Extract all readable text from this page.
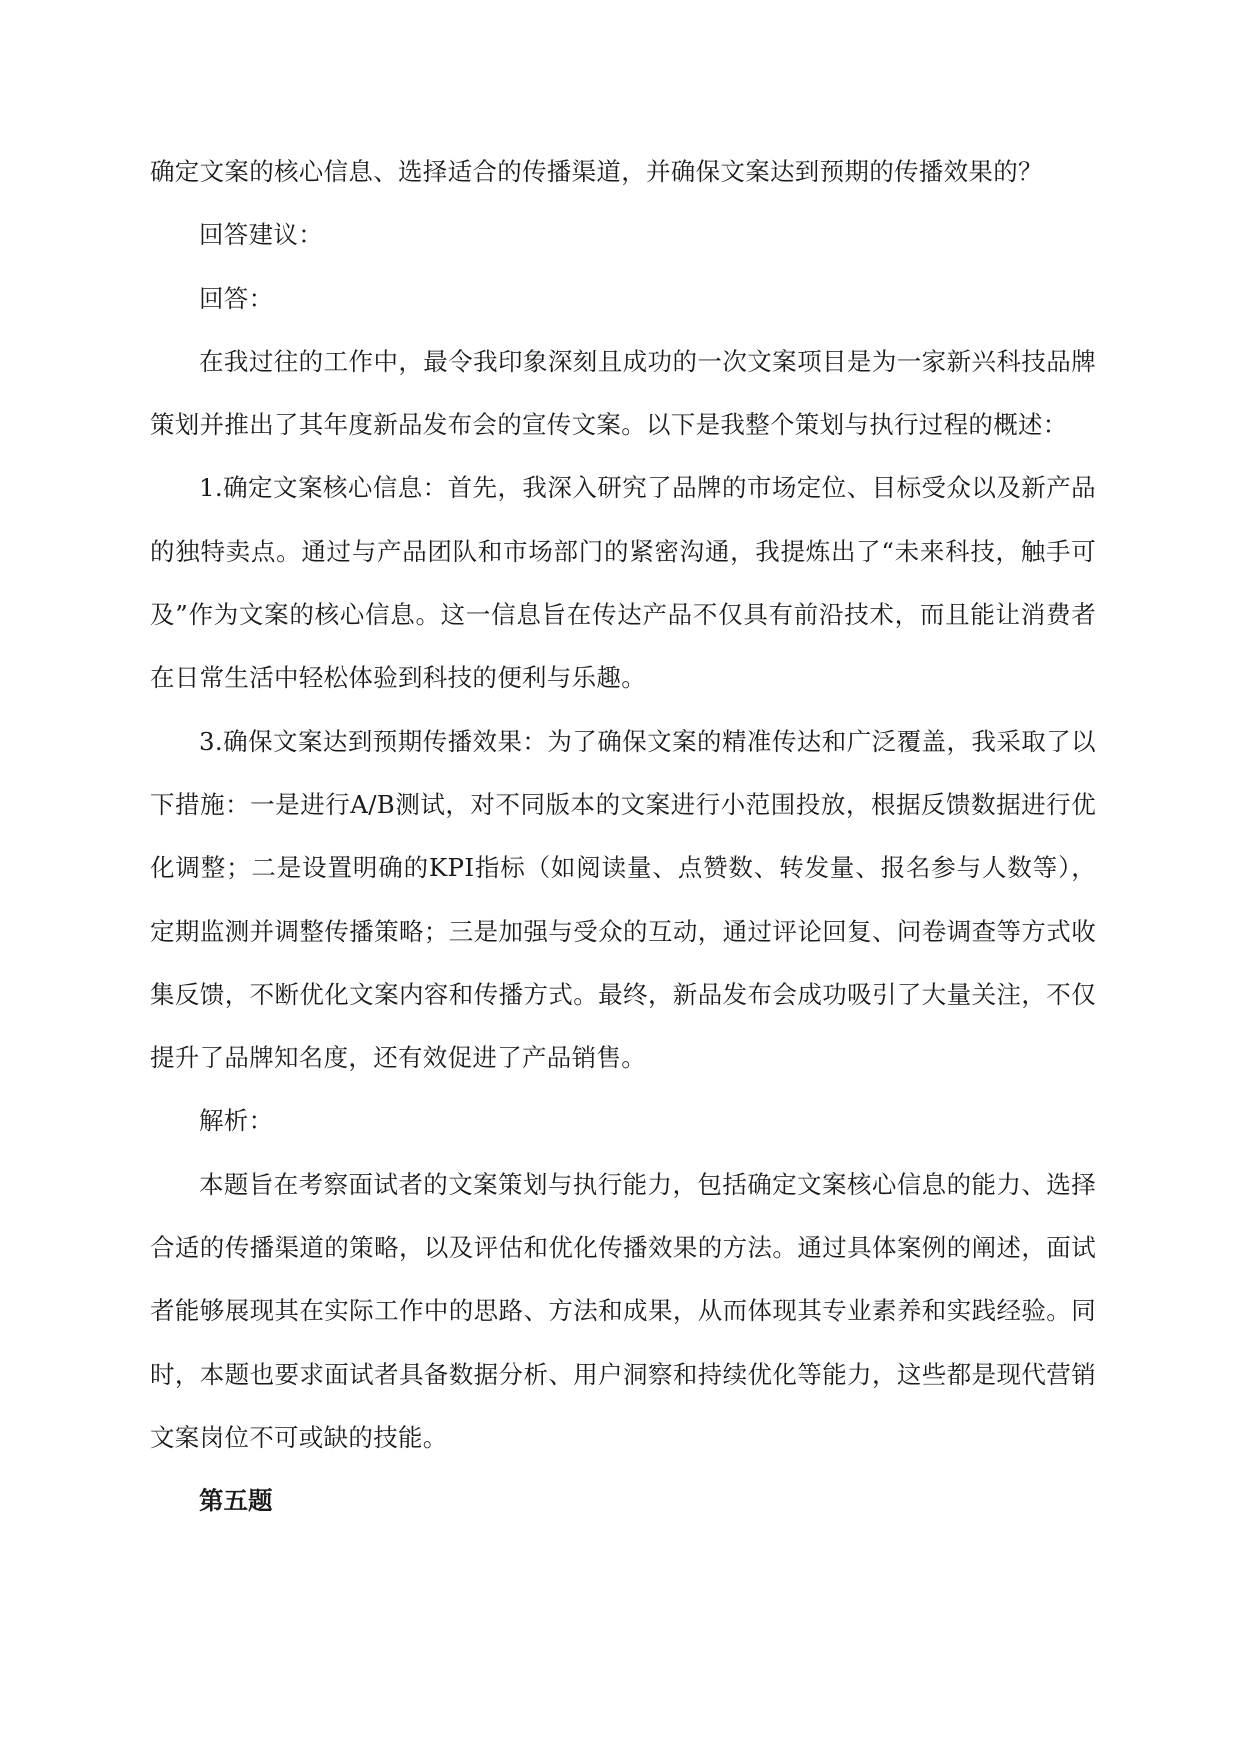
确定文案的核心信息、选择适合的传播渠道，并确保文案达到预期的传播效果的？

回答建议：

回答：

在我过往的工作中，最令我印象深刻且成功的一次文案项目是为一家新兴科技品牌策划并推出了其年度新品发布会的宣传文案。以下是我整个策划与执行过程的概述：

1.确定文案核心信息：首先，我深入研究了品牌的市场定位、目标受众以及新产品的独特卖点。通过与产品团队和市场部门的紧密沟通，我提炼出了“未来科技，触手可及”作为文案的核心信息。这一信息旨在传达产品不仅具有前沿技术，而且能让消费者在日常生活中轻松体验到科技的便利与乐趣。

3.确保文案达到预期传播效果：为了确保文案的精准传达和广泛覆盖，我采取了以下措施：一是进行A/B测试，对不同版本的文案进行小范围投放，根据反馈数据进行优化调整；二是设置明确的KPI指标（如阅读量、点赞数、转发量、报名参与人数等），定期监测并调整传播策略；三是加强与受众的互动，通过评论回复、问卷调查等方式收集反馈，不断优化文案内容和传播方式。最终，新品发布会成功吸引了大量关注，不仅提升了品牌知名度，还有效促进了产品销售。

解析：

本题旨在考察面试者的文案策划与执行能力，包括确定文案核心信息的能力、选择合适的传播渠道的策略，以及评估和优化传播效果的方法。通过具体案例的阐述，面试者能够展现其在实际工作中的思路、方法和成果，从而体现其专业素养和实践经验。同时，本题也要求面试者具备数据分析、用户洞察和持续优化等能力，这些都是现代营销文案岗位不可或缺的技能。

第五题
